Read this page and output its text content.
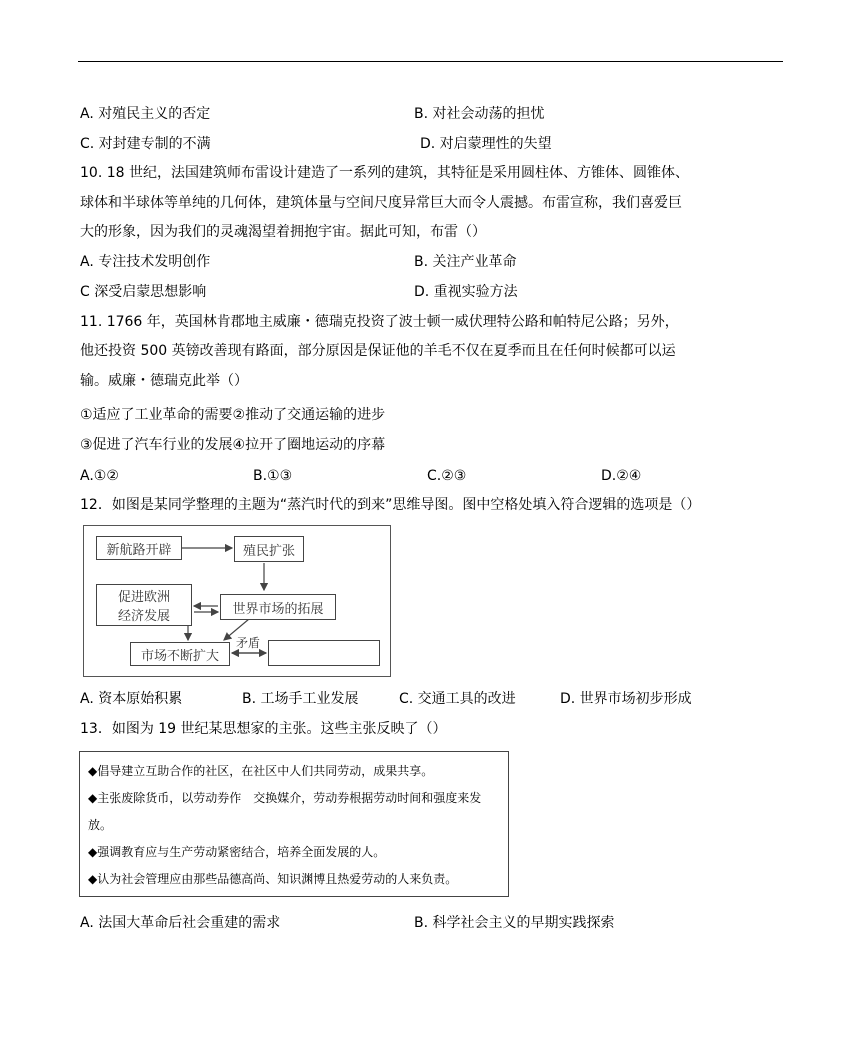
A. 对殖民主义的否定	B. 对社会动荡的担忧
C. 对封建专制的不满	D. 对启蒙理性的失望
10. 18 世纪，法国建筑师布雷设计建造了一系列的建筑，其特征是采用圆柱体、方锥体、圆锥体、
球体和半球体等单纯的几何体，建筑体量与空间尺度异常巨大而令人震撼。布雷宣称，我们喜爱巨
大的形象，因为我们的灵魂渴望着拥抱宇宙。据此可知，布雷（）
A. 专注技术发明创作	B. 关注产业革命
C 深受启蒙思想影响	D. 重视实验方法
11. 1766 年，英国林肯郡地主威廉・德瑞克投资了波士顿一威伏理特公路和帕特尼公路；另外，
他还投资 500 英镑改善现有路面，部分原因是保证他的羊毛不仅在夏季而且在任何时候都可以运
输。威廉・德瑞克此举（）
①适应了工业革命的需要②推动了交通运输的进步
③促进了汽车行业的发展④拉开了圈地运动的序幕
A.①②	B.①③	C.②③	D.②④
12．如图是某同学整理的主题为“蒸汽时代的到来”思维导图。图中空格处填入符合逻辑的选项是（）
新航路开辟	殖民扩张
促进欧洲
经济发展	世界市场的拓展
市场不断扩大
矛盾
A. 资本原始积累	B. 工场手工业发展	C. 交通工具的改进	D. 世界市场初步形成
13．如图为 19 世纪某思想家的主张。这些主张反映了（）

◆倡导建立互助合作的社区，在社区中人们共同劳动，成果共享。

◆主张废除货币，以劳动券作　交换媒介，劳动券根据劳动时间和强度来发

放。

◆强调教育应与生产劳动紧密结合，培养全面发展的人。

◆认为社会管理应由那些品德高尚、知识渊博且热爱劳动的人来负责。

A. 法国大革命后社会重建的需求	B. 科学社会主义的早期实践探索
